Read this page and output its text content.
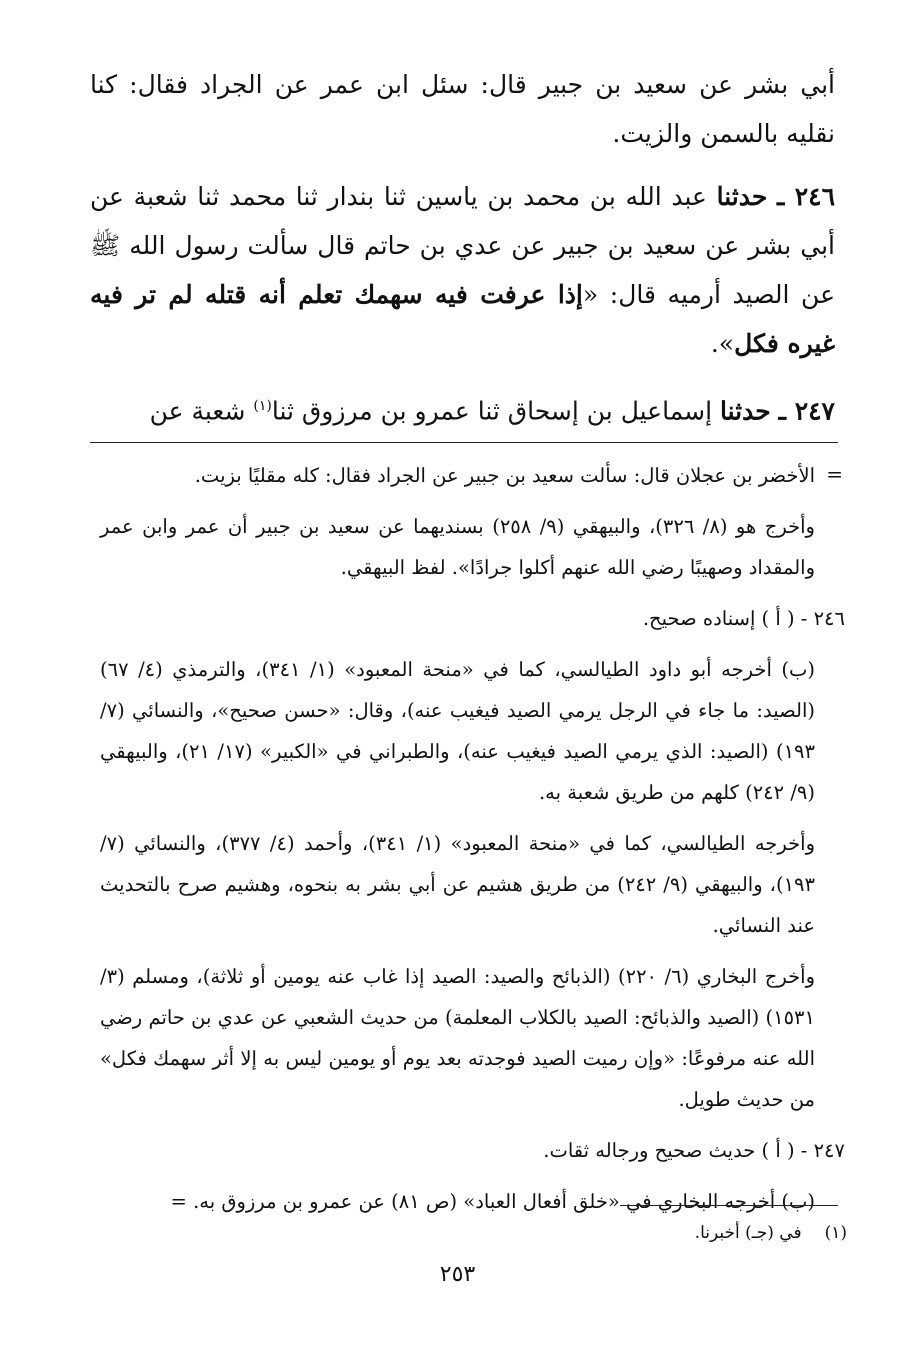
أبي بشر عن سعيد بن جبير قال: سئل ابن عمر عن الجراد فقال: كنا نقليه بالسمن والزيت.

٢٤٦ ـ حدثنا عبد الله بن محمد بن ياسين ثنا بندار ثنا محمد ثنا شعبة عن أبي بشر عن سعيد بن جبير عن عدي بن حاتم قال سألت رسول الله ﷺ عن الصيد أرميه قال: «إذا عرفت فيه سهمك تعلم أنه قتله لم تر فيه غيره فكل».

٢٤٧ ـ حدثنا إسماعيل بن إسحاق ثنا عمرو بن مرزوق ثنا$^{(١)}$ شعبة عن

=

الأخضر بن عجلان قال: سألت سعيد بن جبير عن الجراد فقال: كله مقليًا بزيت.

وأخرج هو (٨/ ٣٢٦)، والبيهقي (٩/ ٢٥٨) بسنديهما عن سعيد بن جبير أن عمر وابن عمر والمقداد وصهيبًا رضي الله عنهم أكلوا جرادًا». لفظ البيهقي.

٢٤٦ - ( أ ) إسناده صحيح.

(ب) أخرجه أبو داود الطيالسي، كما في «منحة المعبود» (١/ ٣٤١)، والترمذي (٤/ ٦٧) (الصيد: ما جاء في الرجل يرمي الصيد فيغيب عنه)، وقال: «حسن صحيح»، والنسائي (٧/ ١٩٣) (الصيد: الذي يرمي الصيد فيغيب عنه)، والطبراني في «الكبير» (١٧/ ٢١)، والبيهقي (٩/ ٢٤٢) كلهم من طريق شعبة به.

وأخرجه الطيالسي، كما في «منحة المعبود» (١/ ٣٤١)، وأحمد (٤/ ٣٧٧)، والنسائي (٧/ ١٩٣)، والبيهقي (٩/ ٢٤٢) من طريق هشيم عن أبي بشر به بنحوه، وهشيم صرح بالتحديث عند النسائي.

وأخرج البخاري (٦/ ٢٢٠) (الذبائح والصيد: الصيد إذا غاب عنه يومين أو ثلاثة)، ومسلم (٣/ ١٥٣١) (الصيد والذبائح: الصيد بالكلاب المعلمة) من حديث الشعبي عن عدي بن حاتم رضي الله عنه مرفوعًا: «وإن رميت الصيد فوجدته بعد يوم أو يومين ليس به إلا أثر سهمك فكل» من حديث طويل.

٢٤٧ - ( أ ) حديث صحيح ورجاله ثقات.

(ب) أخرجه البخاري في «خلق أفعال العباد» (ص ٨١) عن عمرو بن مرزوق به. =

(١) في (جـ) أخبرنا.
٢٥٣
